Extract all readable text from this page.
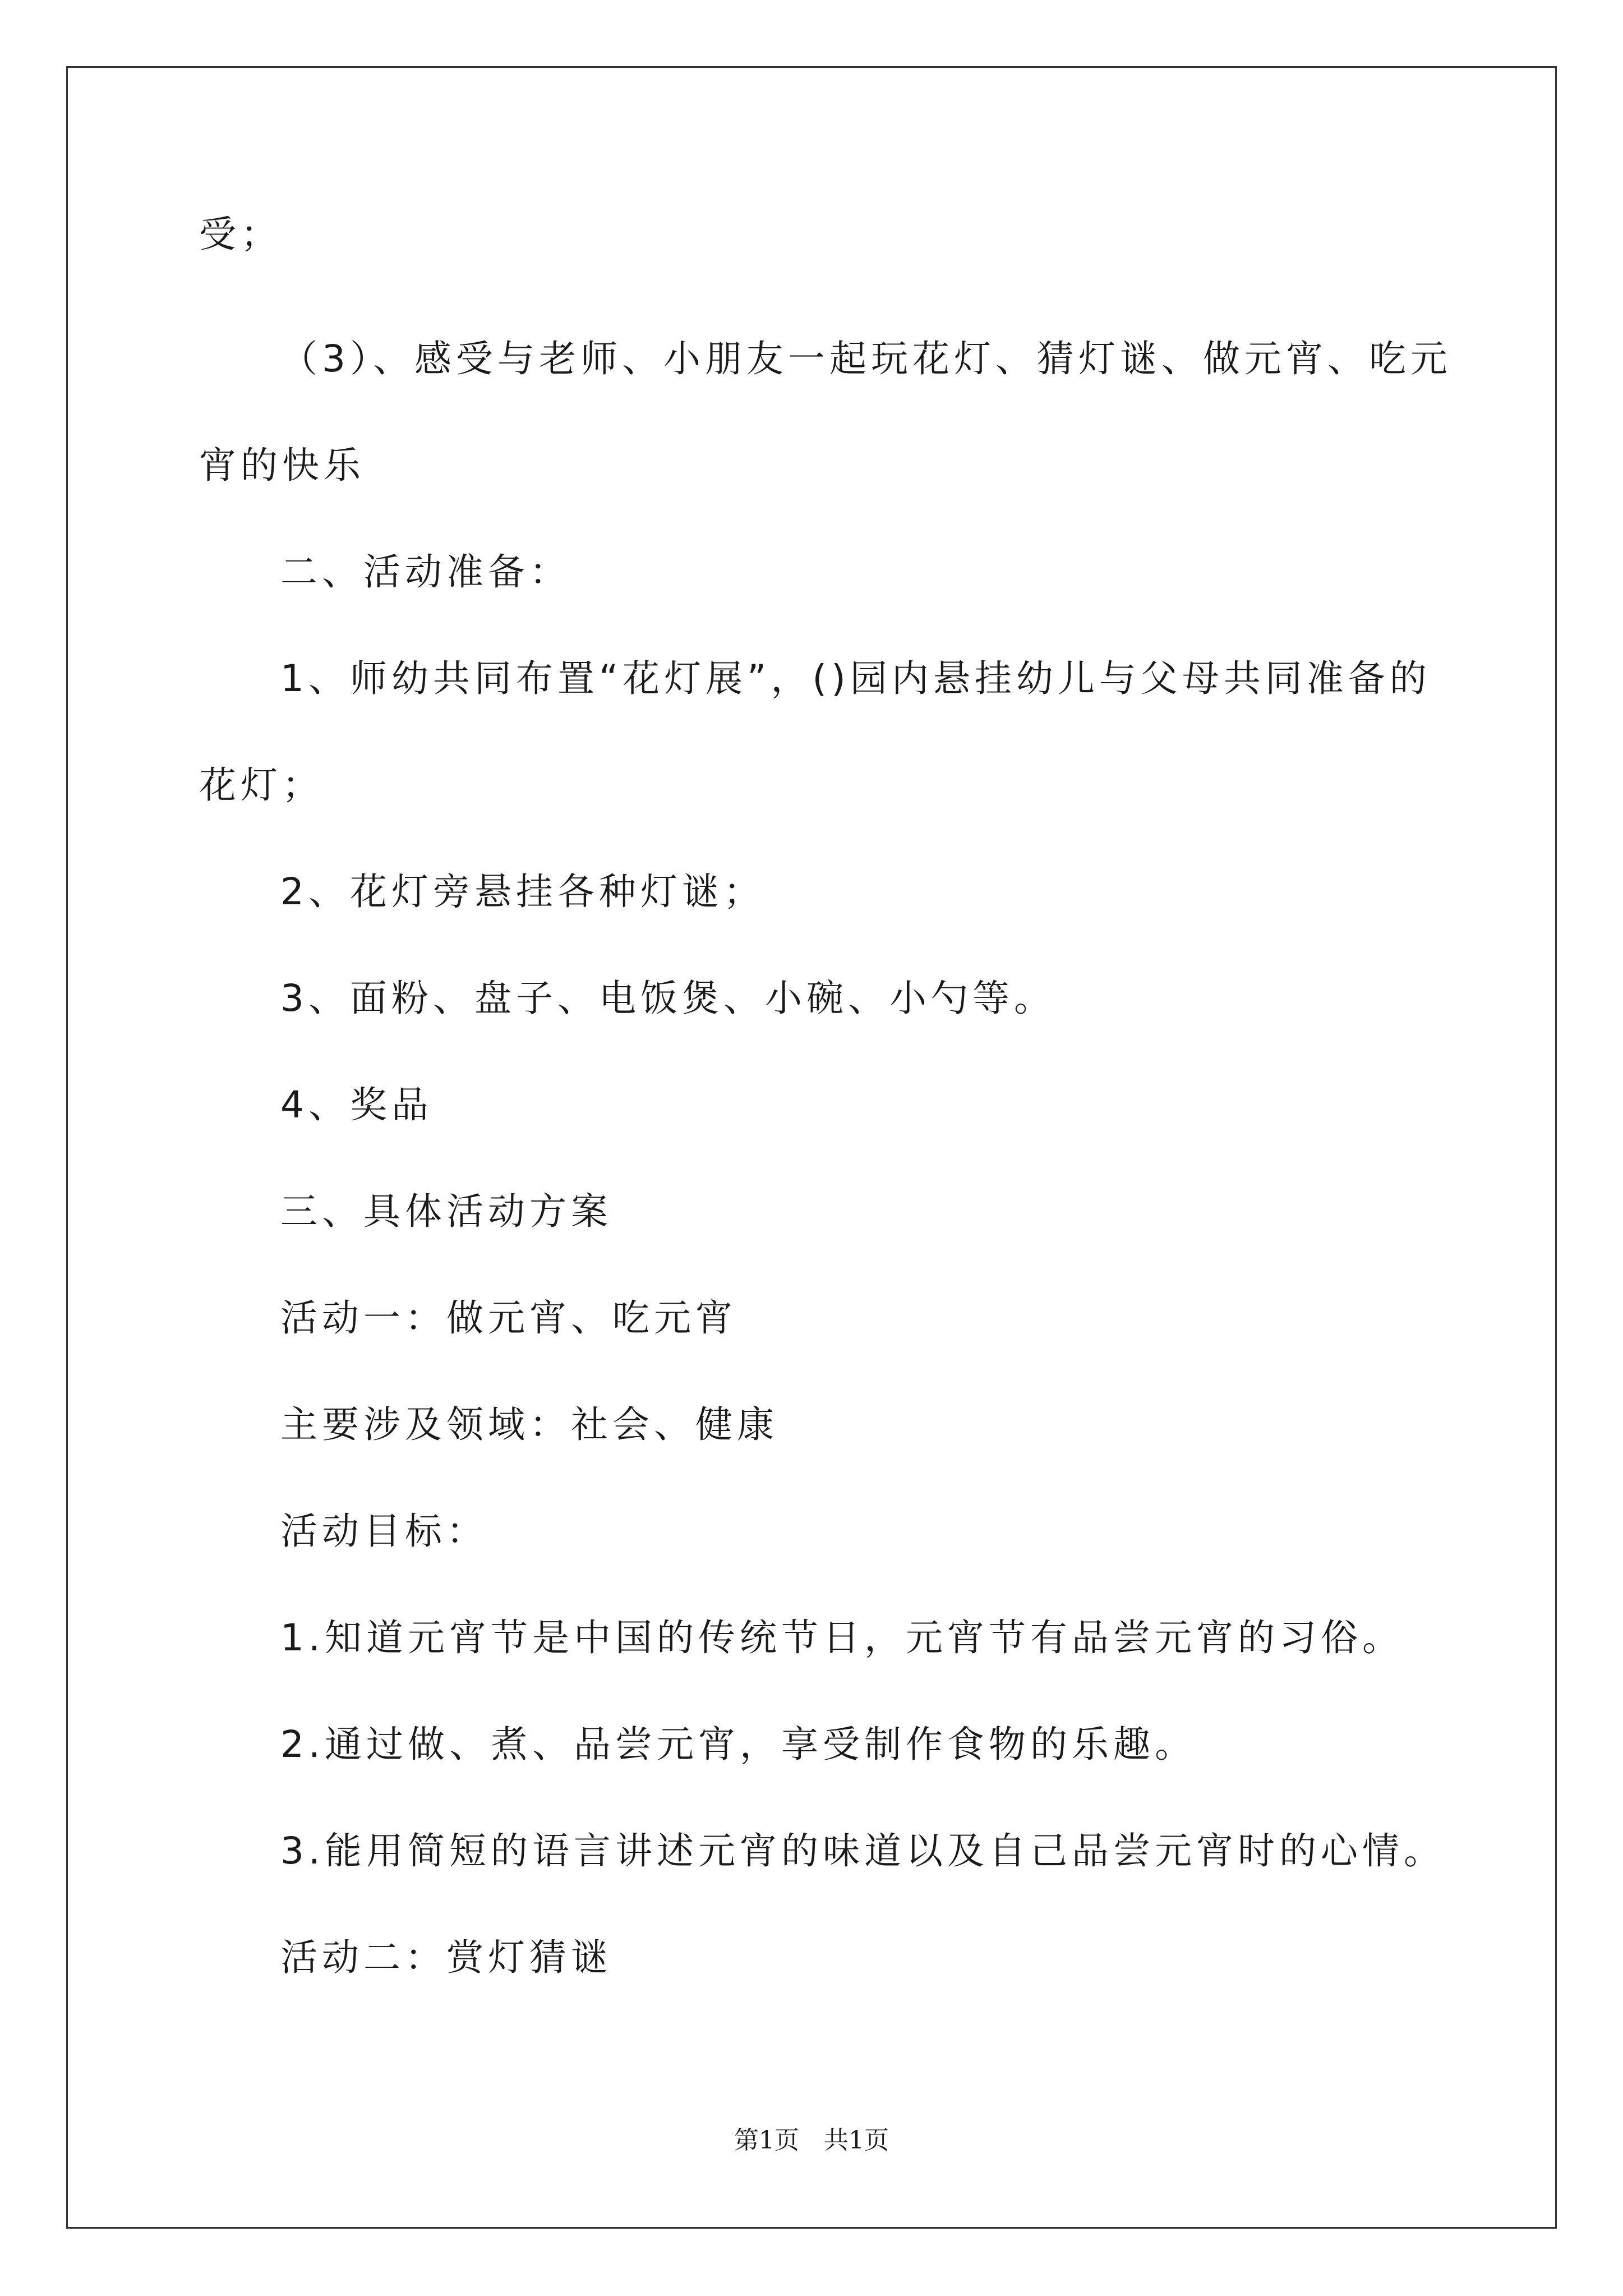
受；
（3）、感受与老师、小朋友一起玩花灯、猜灯谜、做元宵、吃元
宵的快乐
二、活动准备：
1、师幼共同布置“花灯展”，()园内悬挂幼儿与父母共同准备的
花灯；
2、花灯旁悬挂各种灯谜；
3、面粉、盘子、电饭煲、小碗、小勺等。
4、奖品
三、具体活动方案
活动一：做元宵、吃元宵
主要涉及领域：社会、健康
活动目标：
1.知道元宵节是中国的传统节日，元宵节有品尝元宵的习俗。
2.通过做、煮、品尝元宵，享受制作食物的乐趣。
3.能用简短的语言讲述元宵的味道以及自己品尝元宵时的心情。
活动二：赏灯猜谜
第1页　共1页
